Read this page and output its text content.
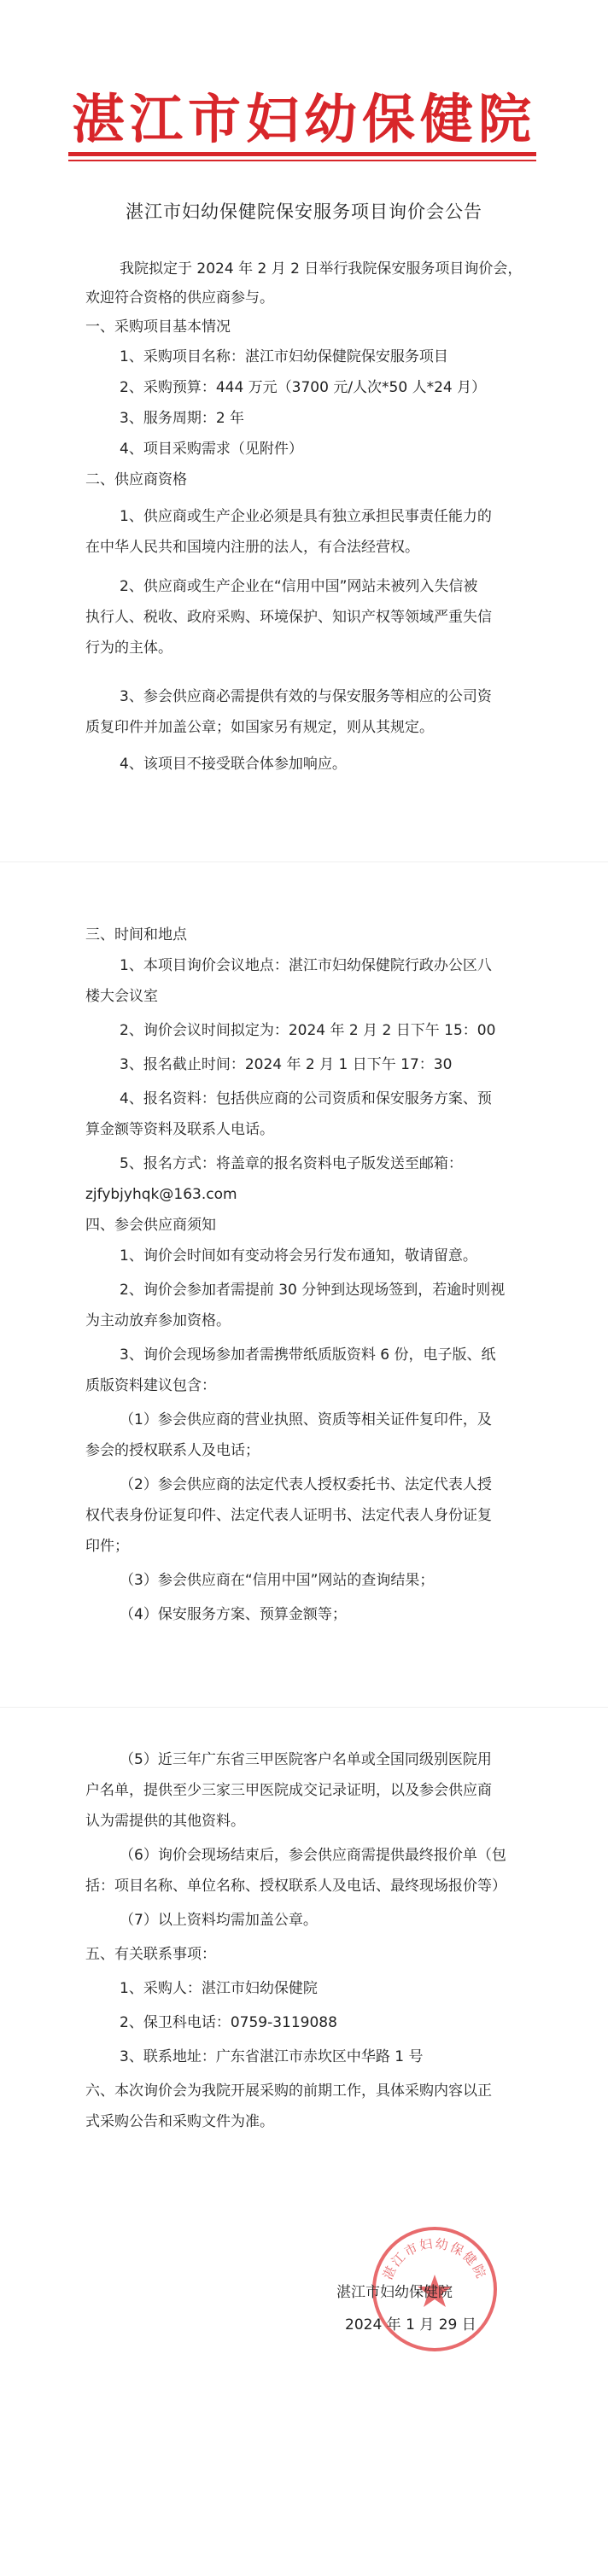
湛江市妇幼保健院
湛江市妇幼保健院保安服务项目询价会公告
我院拟定于 2024 年 2 月 2 日举行我院保安服务项目询价会，
欢迎符合资格的供应商参与。
一、采购项目基本情况
1、采购项目名称：湛江市妇幼保健院保安服务项目
2、采购预算：444 万元（3700 元/人次*50 人*24 月）
3、服务周期：2 年
4、项目采购需求（见附件）
二、供应商资格
1、供应商或生产企业必须是具有独立承担民事责任能力的
在中华人民共和国境内注册的法人，有合法经营权。
2、供应商或生产企业在“信用中国”网站未被列入失信被
执行人、税收、政府采购、环境保护、知识产权等领域严重失信
行为的主体。
3、参会供应商必需提供有效的与保安服务等相应的公司资
质复印件并加盖公章；如国家另有规定，则从其规定。
4、该项目不接受联合体参加响应。
三、时间和地点
1、本项目询价会议地点：湛江市妇幼保健院行政办公区八
楼大会议室
2、询价会议时间拟定为：2024 年 2 月 2 日下午 15：00
3、报名截止时间：2024 年 2 月 1 日下午 17：30
4、报名资料：包括供应商的公司资质和保安服务方案、预
算金额等资料及联系人电话。
5、报名方式：将盖章的报名资料电子版发送至邮箱：
zjfybjyhqk@163.com
四、参会供应商须知
1、询价会时间如有变动将会另行发布通知，敬请留意。
2、询价会参加者需提前 30 分钟到达现场签到，若逾时则视
为主动放弃参加资格。
3、询价会现场参加者需携带纸质版资料 6 份，电子版、纸
质版资料建议包含：
（1）参会供应商的营业执照、资质等相关证件复印件，及
参会的授权联系人及电话；
（2）参会供应商的法定代表人授权委托书、法定代表人授
权代表身份证复印件、法定代表人证明书、法定代表人身份证复
印件；
（3）参会供应商在“信用中国”网站的查询结果；
（4）保安服务方案、预算金额等；
（5）近三年广东省三甲医院客户名单或全国同级别医院用
户名单，提供至少三家三甲医院成交记录证明，以及参会供应商
认为需提供的其他资料。
（6）询价会现场结束后，参会供应商需提供最终报价单（包
括：项目名称、单位名称、授权联系人及电话、最终现场报价等）
（7）以上资料均需加盖公章。
五、有关联系事项：
1、采购人：湛江市妇幼保健院
2、保卫科电话：0759-3119088
3、联系地址：广东省湛江市赤坎区中华路 1 号
六、本次询价会为我院开展采购的前期工作，具体采购内容以正
式采购公告和采购文件为准。
湛江市妇幼保健院
湛江市妇幼保健院
2024 年 1 月 29 日
